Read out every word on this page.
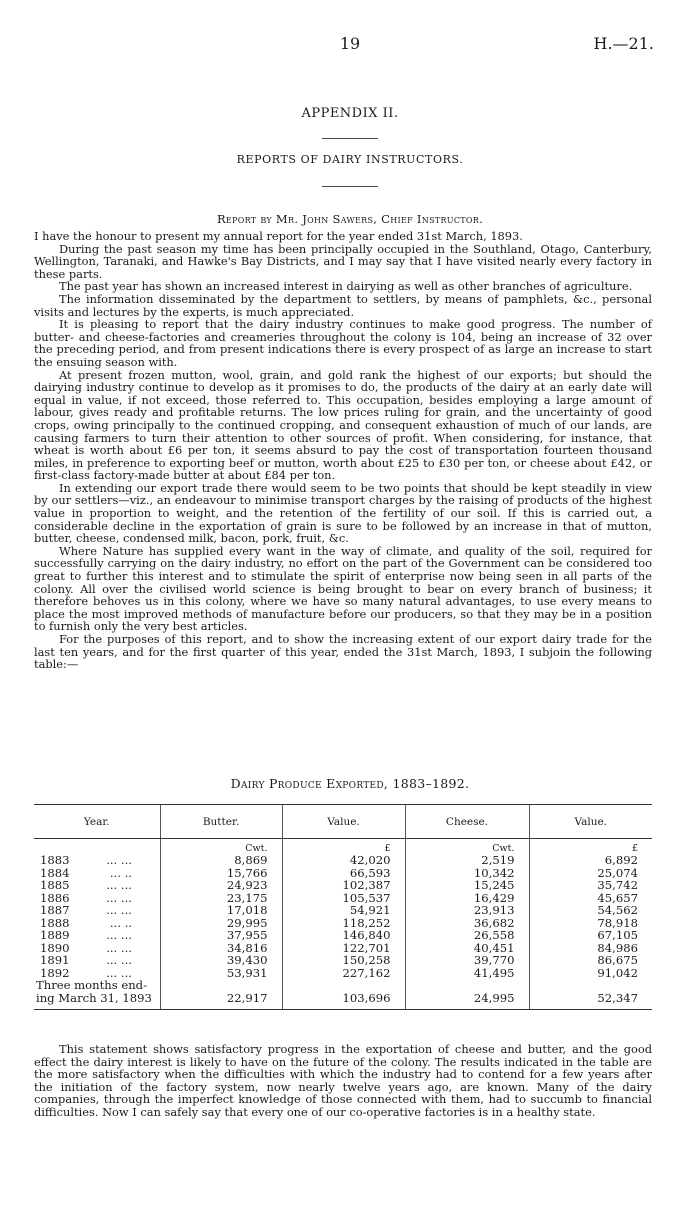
19	H.—21.
APPENDIX II.
REPORTS OF DAIRY INSTRUCTORS.
Report by Mr. John Sawers, Chief Instructor.

I have the honour to present my annual report for the year ended 31st March, 1893.

During the past season my time has been principally occupied in the Southland, Otago, Canterbury, Wellington, Taranaki, and Hawke's Bay Districts, and I may say that I have visited nearly every factory in these parts.

The past year has shown an increased interest in dairying as well as other branches of agriculture.

The information disseminated by the department to settlers, by means of pamphlets, &c., personal visits and lectures by the experts, is much appreciated.

It is pleasing to report that the dairy industry continues to make good progress. The number of butter- and cheese-factories and creameries throughout the colony is 104, being an increase of 32 over the preceding period, and from present indications there is every prospect of as large an increase to start the ensuing season with.

At present frozen mutton, wool, grain, and gold rank the highest of our exports; but should the dairying industry continue to develop as it promises to do, the products of the dairy at an early date will equal in value, if not exceed, those referred to. This occupation, besides employing a large amount of labour, gives ready and profitable returns. The low prices ruling for grain, and the uncertainty of good crops, owing principally to the continued cropping, and consequent exhaustion of much of our lands, are causing farmers to turn their attention to other sources of profit. When considering, for instance, that wheat is worth about £6 per ton, it seems absurd to pay the cost of transportation fourteen thousand miles, in preference to exporting beef or mutton, worth about £25 to £30 per ton, or cheese about £42, or first-class factory-made butter at about £84 per ton.

In extending our export trade there would seem to be two points that should be kept steadily in view by our settlers—viz., an endeavour to minimise transport charges by the raising of products of the highest value in proportion to weight, and the retention of the fertility of our soil. If this is carried out, a considerable decline in the exportation of grain is sure to be followed by an increase in that of mutton, butter, cheese, condensed milk, bacon, pork, fruit, &c.

Where Nature has supplied every want in the way of climate, and quality of the soil, required for successfully carrying on the dairy industry, no effort on the part of the Government can be considered too great to further this interest and to stimulate the spirit of enterprise now being seen in all parts of the colony. All over the civilised world science is being brought to bear on every branch of business; it therefore behoves us in this colony, where we have so many natural advantages, to use every means to place the most improved methods of manufacture before our producers, so that they may be in a position to furnish only the very best articles.

For the purposes of this report, and to show the increasing extent of our export dairy trade for the last ten years, and for the first quarter of this year, ended the 31st March, 1893, I subjoin the following table:—

Dairy Produce Exported, 1883–1892.
Year.	Butter.	Value.	Cheese.	Value.
	Cwt.	£	Cwt.	£
1883 ... ...	8,869	42,020	2,519	6,892
1884 ... ..	15,766	66,593	10,342	25,074
1885 ... ...	24,923	102,387	15,245	35,742
1886 ... ...	23,175	105,537	16,429	45,657
1887 ... ...	17,018	54,921	23,913	54,562
1888 ... ..	29,995	118,252	36,682	78,918
1889 ... ...	37,955	146,840	26,558	67,105
1890 ... ...	34,816	122,701	40,451	84,986
1891 ... ...	39,430	150,258	39,770	86,675
1892 ... ...	53,931	227,162	41,495	91,042

Three months end-
ing March 31, 1893	22,917	103,696	24,995	52,347

This statement shows satisfactory progress in the exportation of cheese and butter, and the good effect the dairy interest is likely to have on the future of the colony. The results indicated in the table are the more satisfactory when the difficulties with which the industry had to contend for a few years after the initiation of the factory system, now nearly twelve years ago, are known. Many of the dairy companies, through the imperfect knowledge of those connected with them, had to succumb to financial difficulties. Now I can safely say that every one of our co-operative factories is in a healthy state.
